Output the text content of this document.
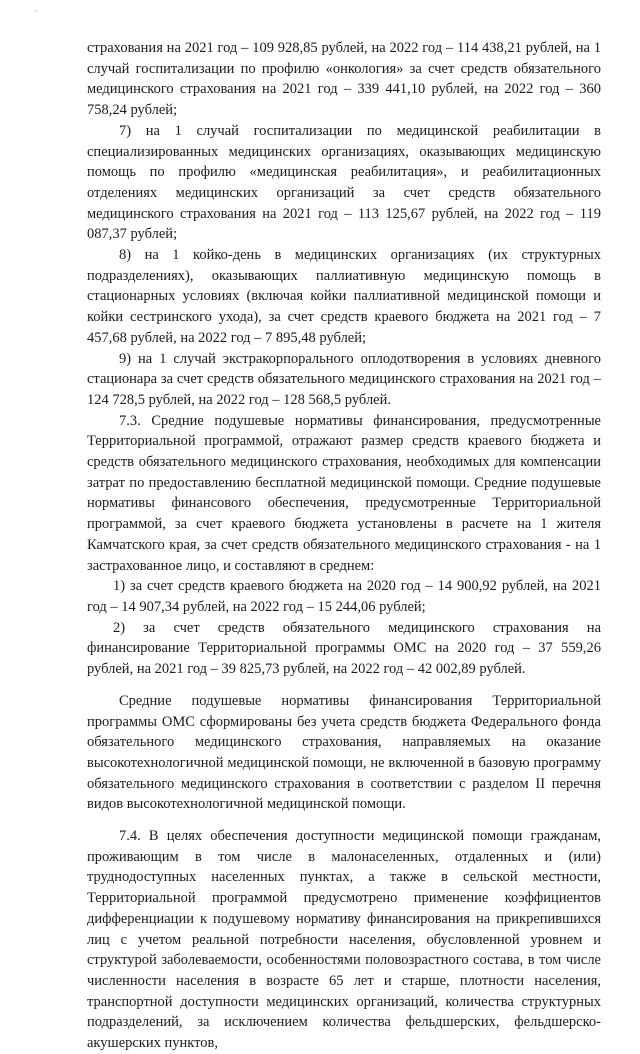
´

страхования на 2021 год – 109 928,85 рублей, на 2022 год – 114 438,21 рублей, на 1 случай госпитализации по профилю «онкология» за счет средств обязательного медицинского страхования на 2021 год – 339 441,10 рублей, на 2022 год – 360 758,24 рублей;

7) на 1 случай госпитализации по медицинской реабилитации в специализированных медицинских организациях, оказывающих медицинскую помощь по профилю «медицинская реабилитация», и реабилитационных отделениях медицинских организаций за счет средств обязательного медицинского страхования на 2021 год – 113 125,67 рублей, на 2022 год – 119 087,37 рублей;

8) на 1 койко-день в медицинских организациях (их структурных подразделениях), оказывающих паллиативную медицинскую помощь в стационарных условиях (включая койки паллиативной медицинской помощи и койки сестринского ухода), за счет средств краевого бюджета на 2021 год – 7 457,68 рублей, на 2022 год – 7 895,48 рублей;

9) на 1 случай экстракорпорального оплодотворения в условиях дневного стационара за счет средств обязательного медицинского страхования на 2021 год – 124 728,5 рублей, на 2022 год – 128 568,5 рублей.

7.3. Средние подушевые нормативы финансирования, предусмотренные Территориальной программой, отражают размер средств краевого бюджета и средств обязательного медицинского страхования, необходимых для компенсации затрат по предоставлению бесплатной медицинской помощи. Средние подушевые нормативы финансового обеспечения, предусмотренные Территориальной программой, за счет краевого бюджета установлены в расчете на 1 жителя Камчатского края, за счет средств обязательного медицинского страхования - на 1 застрахованное лицо, и составляют в среднем:

1) за счет средств краевого бюджета на 2020 год – 14 900,92 рублей, на 2021 год – 14 907,34 рублей, на 2022 год – 15 244,06 рублей;

2) за счет средств обязательного медицинского страхования на финансирование Территориальной программы ОМС на 2020 год – 37 559,26 рублей, на 2021 год – 39 825,73 рублей, на 2022 год – 42 002,89 рублей.

Средние подушевые нормативы финансирования Территориальной программы ОМС сформированы без учета средств бюджета Федерального фонда обязательного медицинского страхования, направляемых на оказание высокотехнологичной медицинской помощи, не включенной в базовую программу обязательного медицинского страхования в соответствии с разделом II перечня видов высокотехнологичной медицинской помощи.

7.4. В целях обеспечения доступности медицинской помощи гражданам, проживающим в том числе в малонаселенных, отдаленных и (или) труднодоступных населенных пунктах, а также в сельской местности, Территориальной программой предусмотрено применение коэффициентов дифференциации к подушевому нормативу финансирования на прикрепившихся лиц с учетом реальной потребности населения, обусловленной уровнем и структурой заболеваемости, особенностями половозрастного состава, в том числе численности населения в возрасте 65 лет и старше, плотности населения, транспортной доступности медицинских организаций, количества структурных подразделений, за исключением количества фельдшерских, фельдшерско-акушерских пунктов,
